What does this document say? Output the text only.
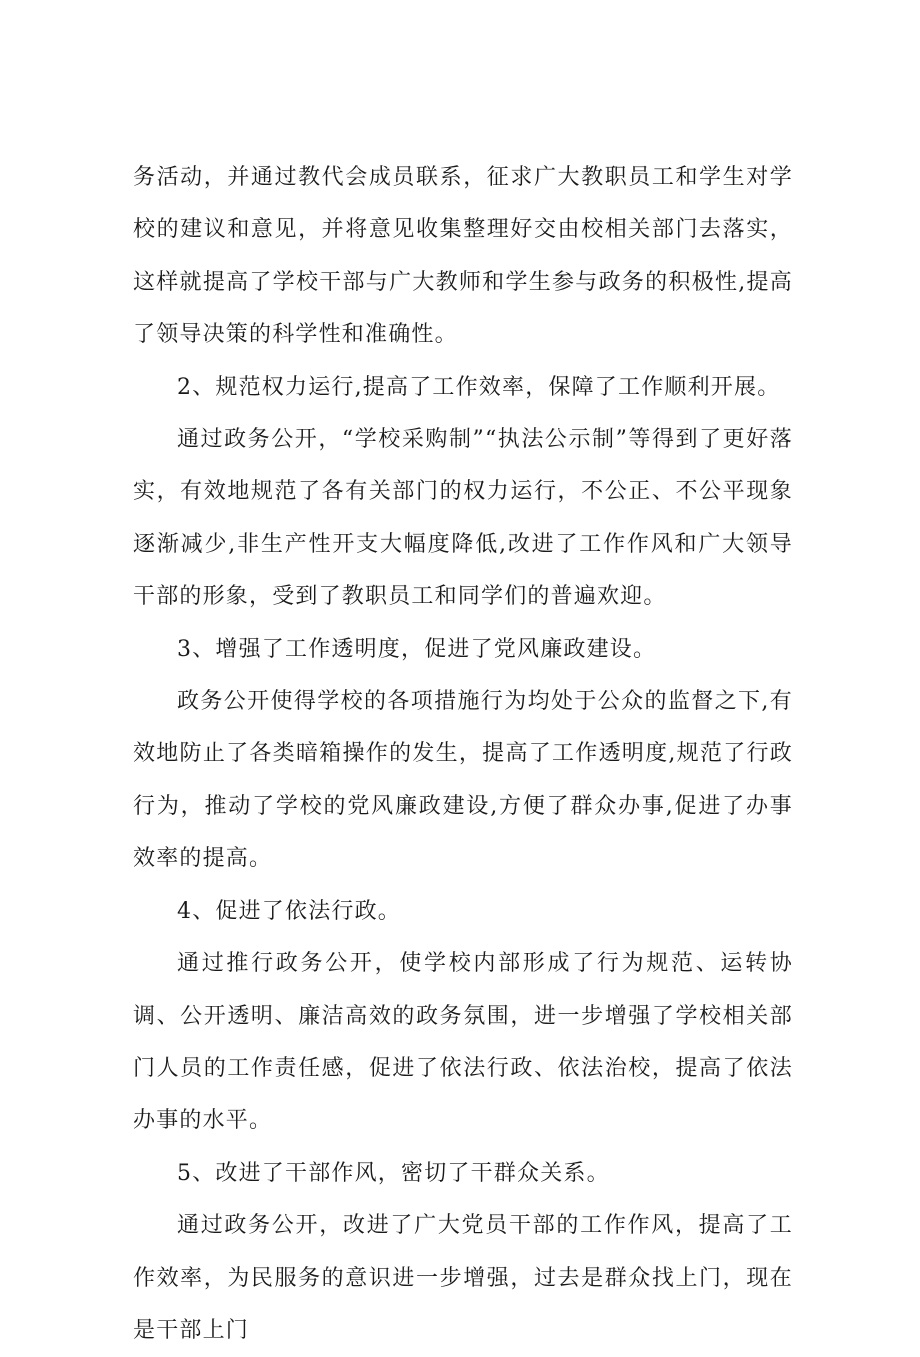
务活动，并通过教代会成员联系，征求广大教职员工和学生对学校的建议和意见，并将意见收集整理好交由校相关部门去落实，这样就提高了学校干部与广大教师和学生参与政务的积极性,提高了领导决策的科学性和准确性。

2、规范权力运行,提高了工作效率，保障了工作顺利开展。

通过政务公开，“学校采购制”“执法公示制”等得到了更好落实，有效地规范了各有关部门的权力运行，不公正、不公平现象逐渐减少,非生产性开支大幅度降低,改进了工作作风和广大领导干部的形象，受到了教职员工和同学们的普遍欢迎。

3、增强了工作透明度，促进了党风廉政建设。

政务公开使得学校的各项措施行为均处于公众的监督之下,有效地防止了各类暗箱操作的发生，提高了工作透明度,规范了行政行为，推动了学校的党风廉政建设,方便了群众办事,促进了办事效率的提高。

4、促进了依法行政。

通过推行政务公开，使学校内部形成了行为规范、运转协调、公开透明、廉洁高效的政务氛围，进一步增强了学校相关部门人员的工作责任感，促进了依法行政、依法治校，提高了依法办事的水平。

5、改进了干部作风，密切了干群众关系。

通过政务公开，改进了广大党员干部的工作作风，提高了工作效率，为民服务的意识进一步增强，过去是群众找上门，现在是干部上门
